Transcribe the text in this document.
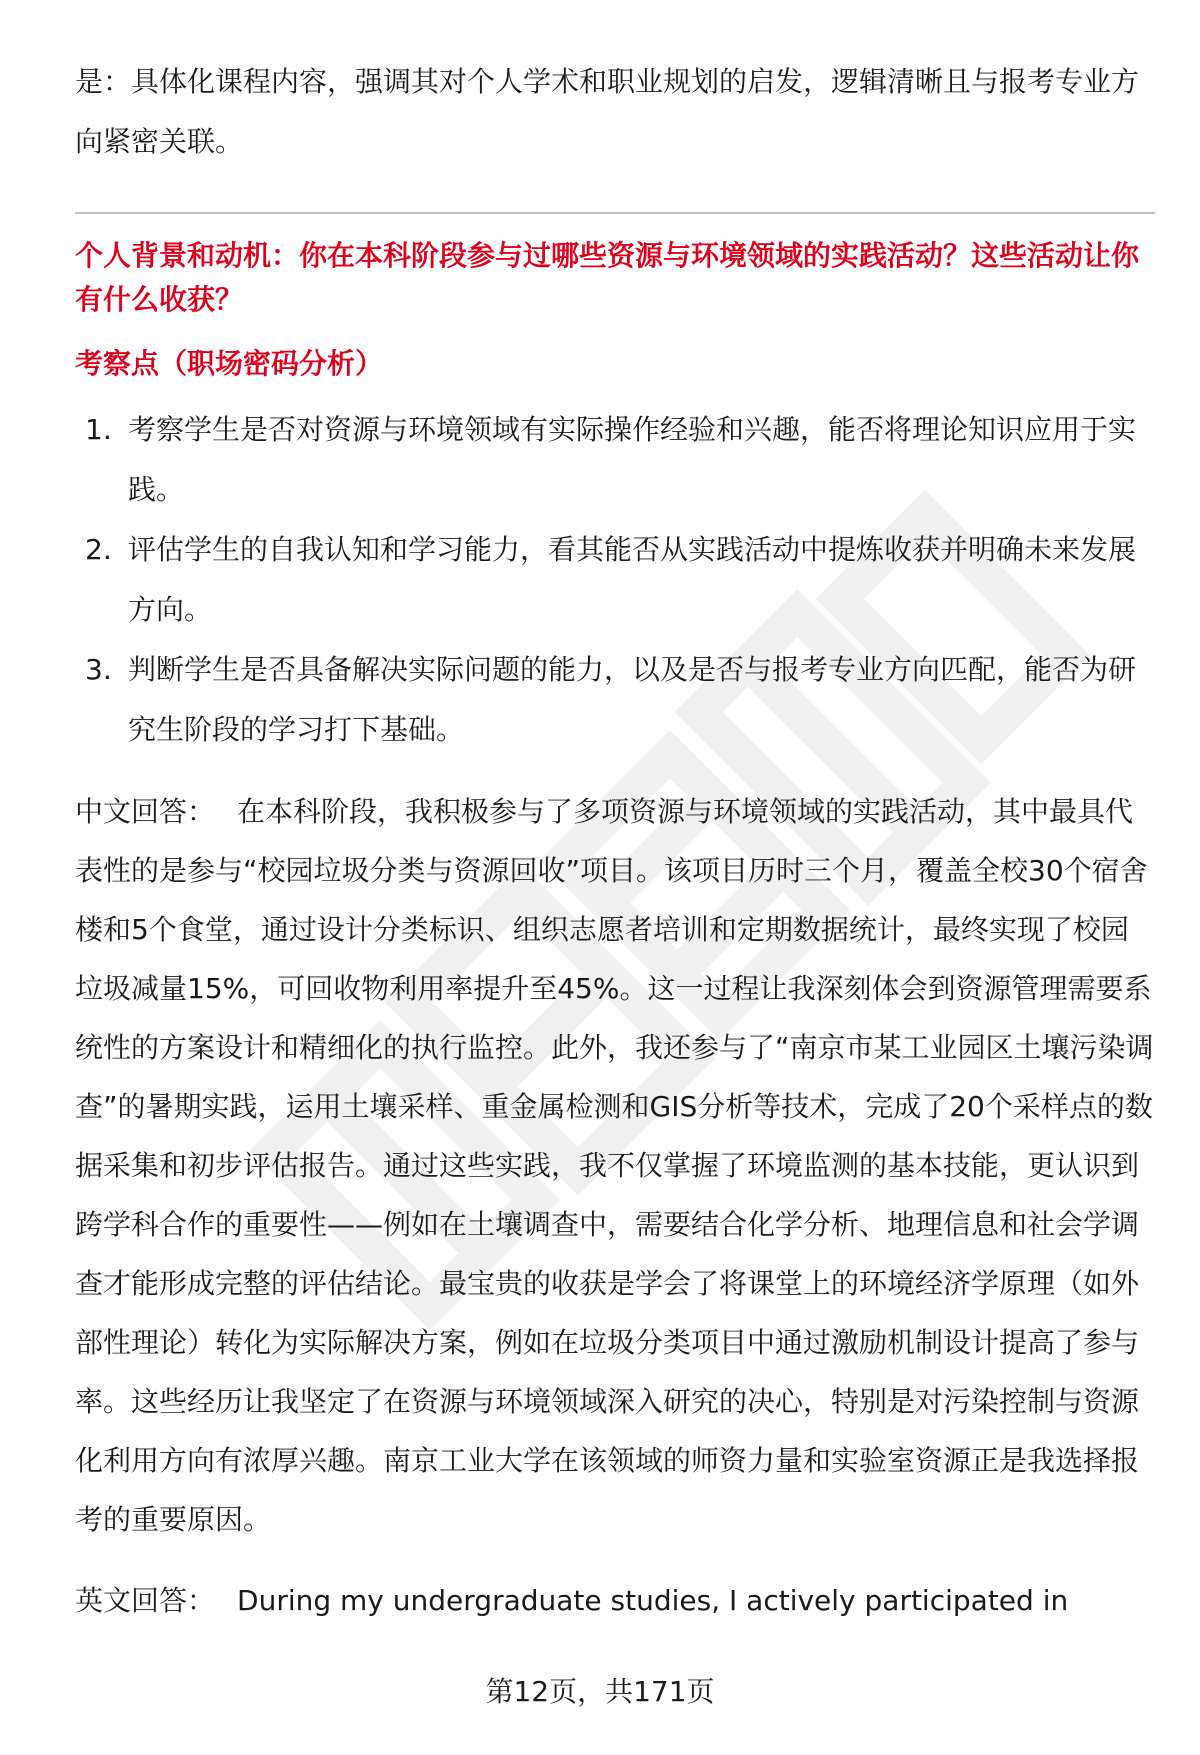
是：具体化课程内容，强调其对个人学术和职业规划的启发，逻辑清晰且与报考专业方向紧密关联。

个人背景和动机：你在本科阶段参与过哪些资源与环境领域的实践活动？这些活动让你有什么收获？

考察点（职场密码分析）

1. 考察学生是否对资源与环境领域有实际操作经验和兴趣，能否将理论知识应用于实践。
2. 评估学生的自我认知和学习能力，看其能否从实践活动中提炼收获并明确未来发展方向。
3. 判断学生是否具备解决实际问题的能力，以及是否与报考专业方向匹配，能否为研究生阶段的学习打下基础。

中文回答： 在本科阶段，我积极参与了多项资源与环境领域的实践活动，其中最具代表性的是参与“校园垃圾分类与资源回收”项目。该项目历时三个月，覆盖全校30个宿舍楼和5个食堂，通过设计分类标识、组织志愿者培训和定期数据统计，最终实现了校园垃圾减量15%，可回收物利用率提升至45%。这一过程让我深刻体会到资源管理需要系统性的方案设计和精细化的执行监控。此外，我还参与了“南京市某工业园区土壤污染调查”的暑期实践，运用土壤采样、重金属检测和GIS分析等技术，完成了20个采样点的数据采集和初步评估报告。通过这些实践，我不仅掌握了环境监测的基本技能，更认识到跨学科合作的重要性——例如在土壤调查中，需要结合化学分析、地理信息和社会学调查才能形成完整的评估结论。最宝贵的收获是学会了将课堂上的环境经济学原理（如外部性理论）转化为实际解决方案，例如在垃圾分类项目中通过激励机制设计提高了参与率。这些经历让我坚定了在资源与环境领域深入研究的决心，特别是对污染控制与资源化利用方向有浓厚兴趣。南京工业大学在该领域的师资力量和实验室资源正是我选择报考的重要原因。

英文回答： During my undergraduate studies, I actively participated in

第12页，共171页
